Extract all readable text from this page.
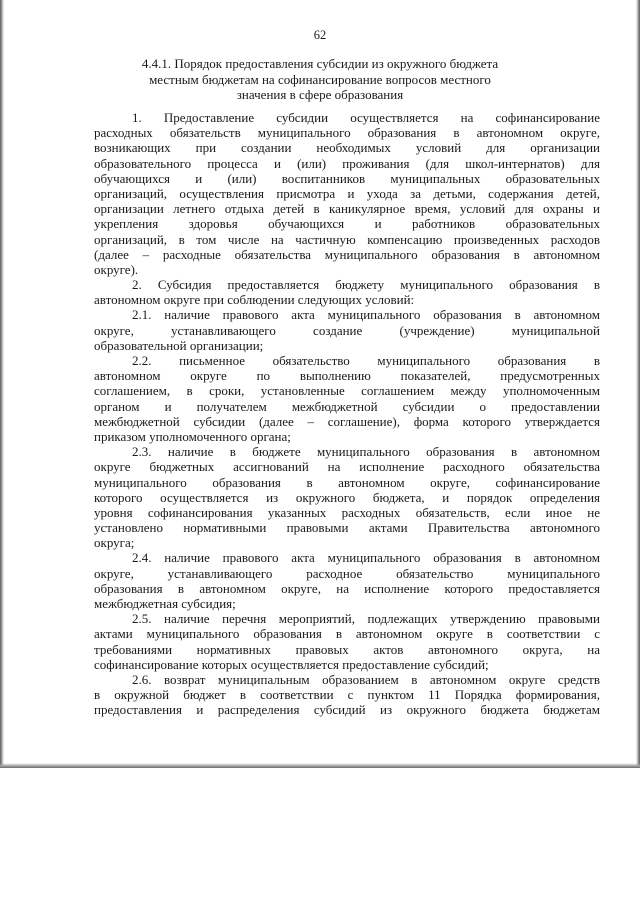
62
4.4.1. Порядок предоставления субсидии из окружного бюджета
местным бюджетам на софинансирование вопросов местного
значения в сфере образования
1. Предоставление субсидии осуществляется на софинансирование
расходных обязательств муниципального образования в автономном округе,
возникающих при создании необходимых условий для организации
образовательного процесса и (или) проживания (для школ-интернатов) для
обучающихся и (или) воспитанников муниципальных образовательных
организаций, осуществления присмотра и ухода за детьми, содержания детей,
организации летнего отдыха детей в каникулярное время, условий для охраны и
укрепления здоровья обучающихся и работников образовательных
организаций, в том числе на частичную компенсацию произведенных расходов
(далее – расходные обязательства муниципального образования в автономном
округе).
2. Субсидия предоставляется бюджету муниципального образования в
автономном округе при соблюдении следующих условий:
2.1. наличие правового акта муниципального образования в автономном
округе, устанавливающего создание (учреждение) муниципальной
образовательной организации;
2.2. письменное обязательство муниципального образования в
автономном округе по выполнению показателей, предусмотренных
соглашением, в сроки, установленные соглашением между уполномоченным
органом и получателем межбюджетной субсидии о предоставлении
межбюджетной субсидии (далее – соглашение), форма которого утверждается
приказом уполномоченного органа;
2.3. наличие в бюджете муниципального образования в автономном
округе бюджетных ассигнований на исполнение расходного обязательства
муниципального образования в автономном округе, софинансирование
которого осуществляется из окружного бюджета, и порядок определения
уровня софинансирования указанных расходных обязательств, если иное не
установлено нормативными правовыми актами Правительства автономного
округа;
2.4. наличие правового акта муниципального образования в автономном
округе, устанавливающего расходное обязательство муниципального
образования в автономном округе, на исполнение которого предоставляется
межбюджетная субсидия;
2.5. наличие перечня мероприятий, подлежащих утверждению правовыми
актами муниципального образования в автономном округе в соответствии с
требованиями нормативных правовых актов автономного округа, на
софинансирование которых осуществляется предоставление субсидий;
2.6. возврат муниципальным образованием в автономном округе средств
в окружной бюджет в соответствии с пунктом 11 Порядка формирования,
предоставления и распределения субсидий из окружного бюджета бюджетам
